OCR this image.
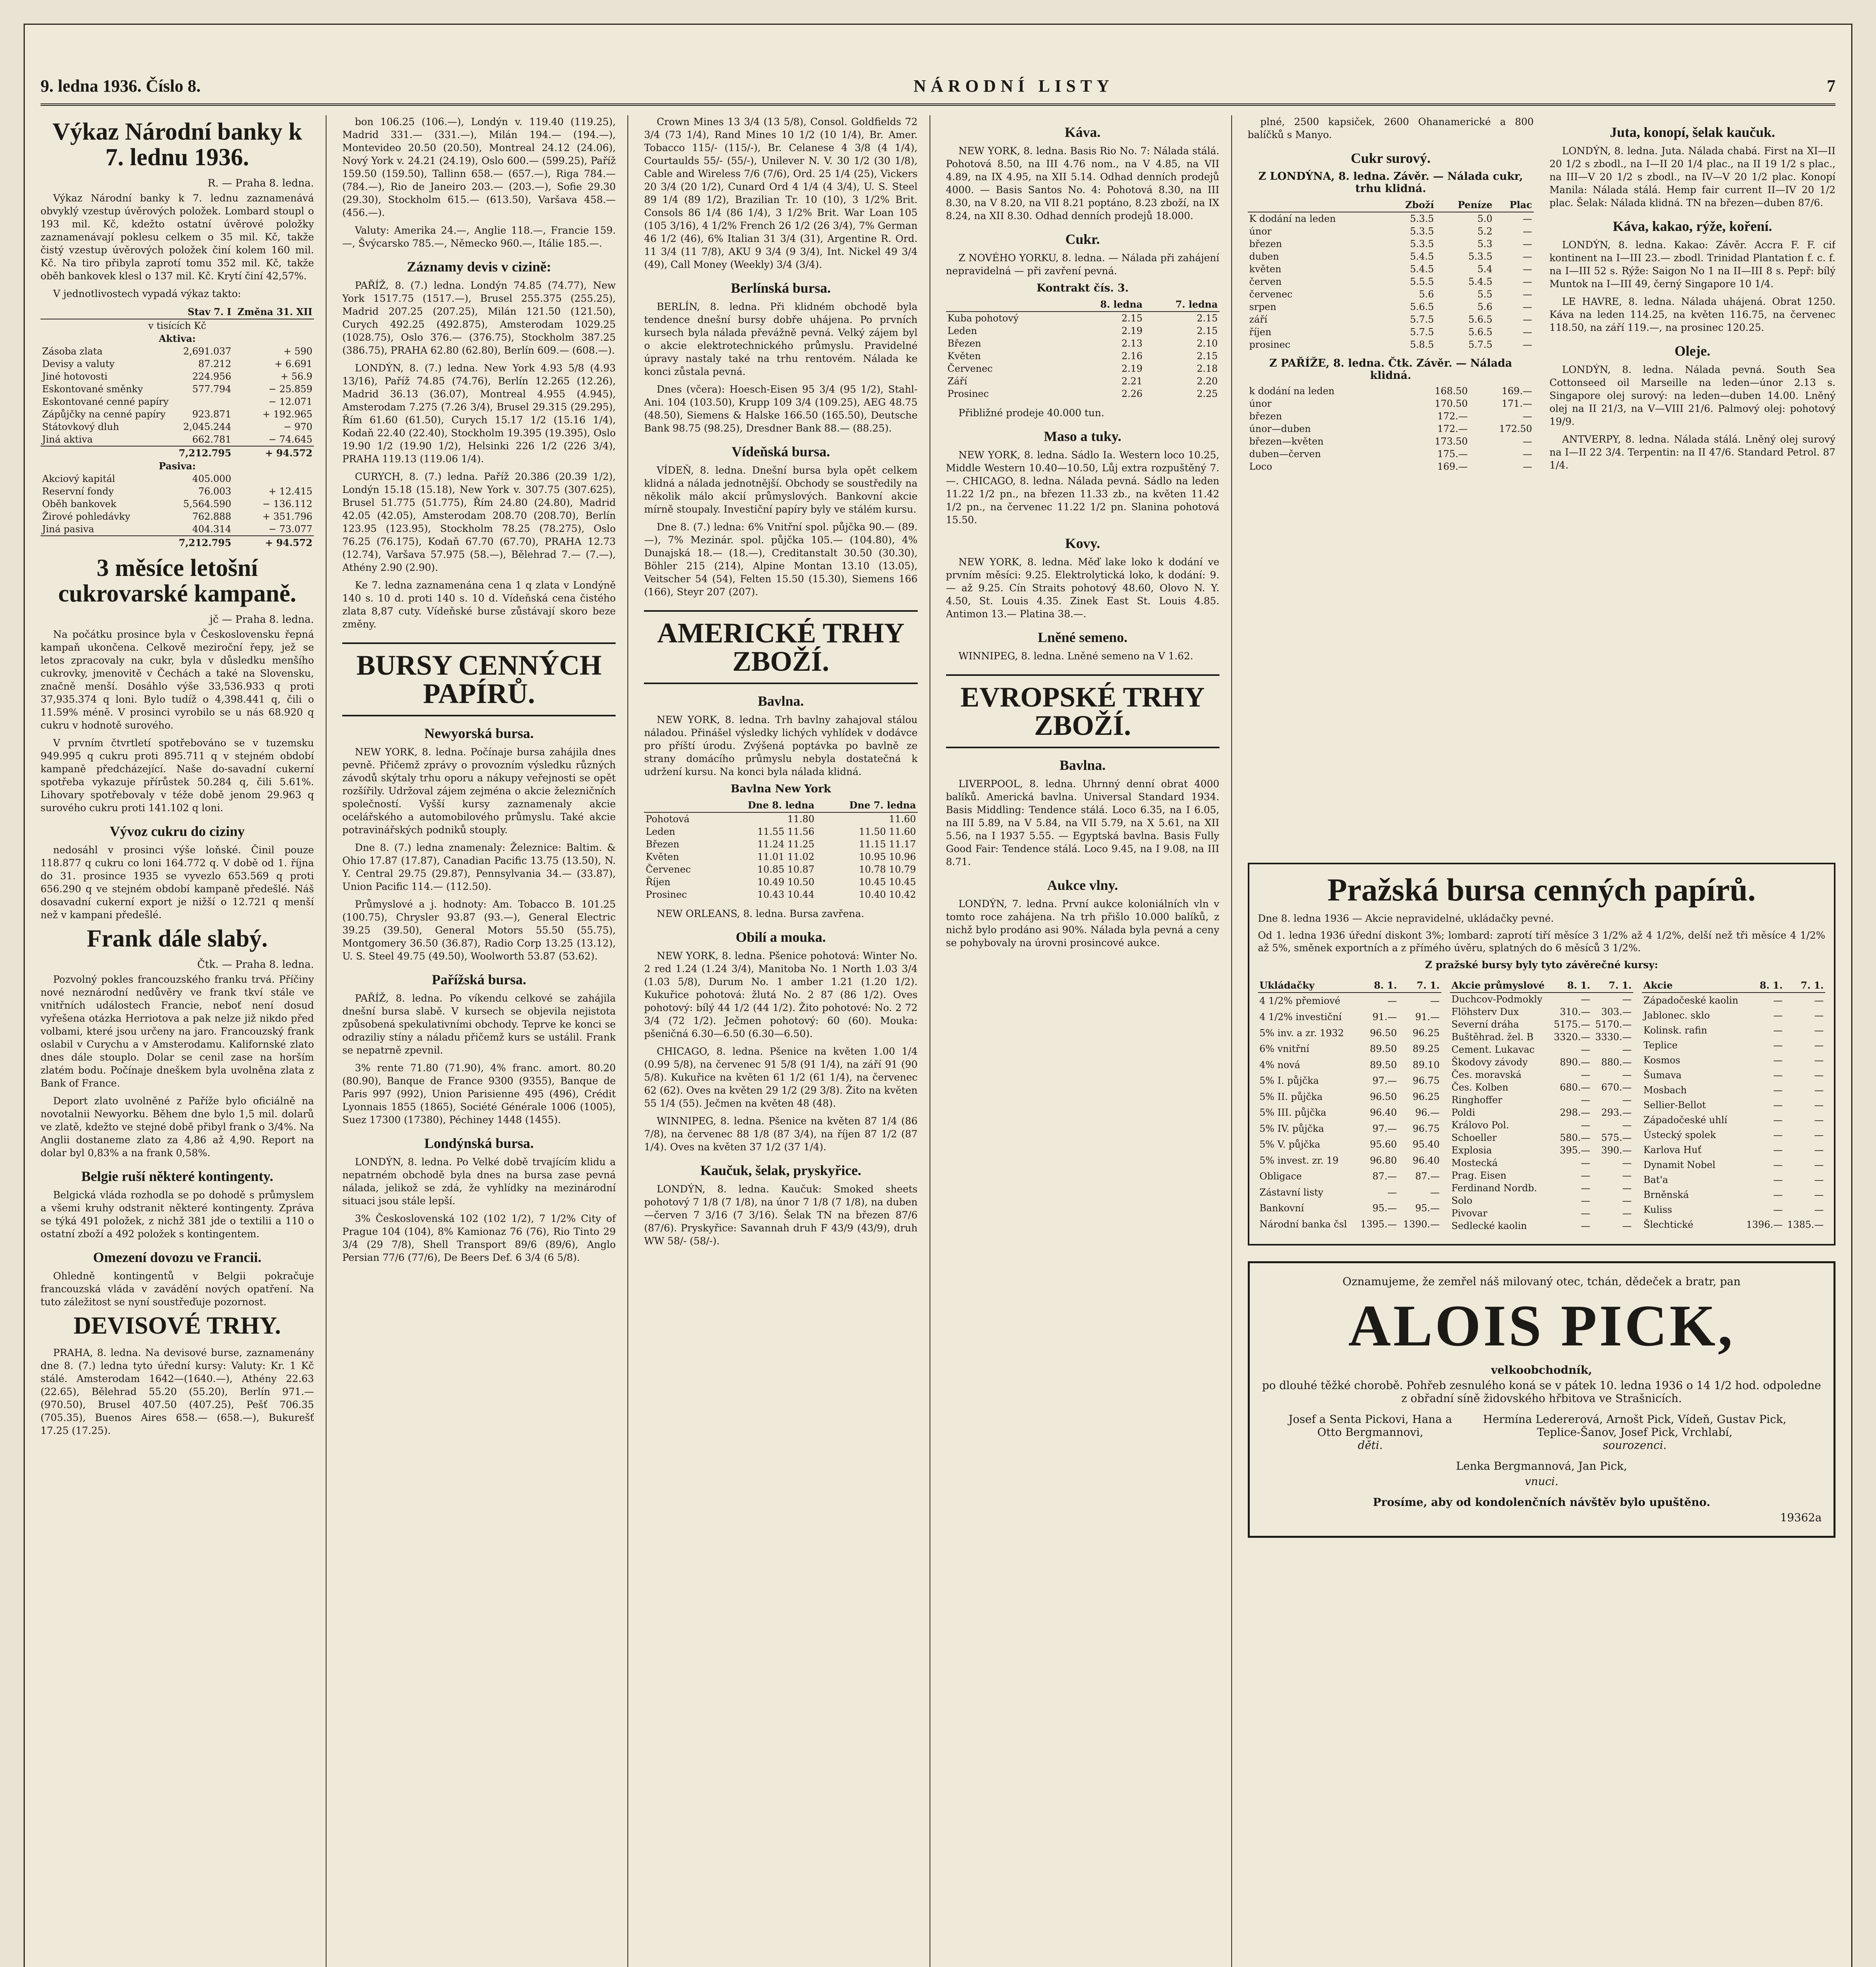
9. ledna 1936. Číslo 8.	NÁRODNÍ LISTY	7
Výkaz Národní banky k 7. lednu 1936.
R. — Praha 8. ledna.

Výkaz Národní banky k 7. lednu zaznamenává obvyklý vzestup úvěrových položek. Lombard stoupl o 193 mil. Kč, kdežto ostatní úvěrové položky zaznamenávají poklesu celkem o 35 mil. Kč, takže čistý vzestup úvěrových položek činí kolem 160 mil. Kč. Na tiro přibyla zaprotí tomu 352 mil. Kč, takže oběh bankovek klesl o 137 mil. Kč. Krytí činí 42,57%.

V jednotlivostech vypadá výkaz takto:

	Stav 7. I	Změna 31. XII
v tisících Kč		
Aktiva:		
Zásoba zlata	2,691.037	+ 590
Devisy a valuty	87.212	+ 6.691
Jiné hotovosti	224.956	+ 56.9
Eskontované směnky	577.794	− 25.859
Eskontované cenné papíry		− 12.071
Zápůjčky na cenné papíry	923.871	+ 192.965
Státovkový dluh	2,045.244	− 970
Jiná aktiva	662.781	− 74.645
	7,212.795	+ 94.572
Pasiva:		
Akciový kapitál	405.000	
Reservní fondy	76.003	+ 12.415
Oběh bankovek	5,564.590	− 136.112
Žirové pohledávky	762.888	+ 351.796
Jiná pasiva	404.314	− 73.077
	7,212.795	+ 94.572
3 měsíce letošní cukrovarské kampaně.
jč — Praha 8. ledna.

Na počátku prosince byla v Československu řepná kampaň ukončena. Celkově meziroční řepy, jež se letos zpracovaly na cukr, byla v důsledku menšího cukrovky, jmenovitě v Čechách a také na Slovensku, značně menší. Dosáhlo výše 33,536.933 q proti 37,935.374 q loni. Bylo tudíž o 4,398.441 q, čili o 11.59% méně. V prosinci vyrobilo se u nás 68.920 q cukru v hodnotě surového.

V prvním čtvrtletí spotřebováno se v tuzemsku 949.995 q cukru proti 895.711 q v stejném období kampaně předcházející. Naše do-savadní cukerní spotřeba vykazuje přírůstek 50.284 q, čili 5.61%. Lihovary spotřebovaly v téže době jenom 29.963 q surového cukru proti 141.102 q loni.

Vývoz cukru do ciziny

nedosáhl v prosinci výše loňské. Činil pouze 118.877 q cukru co loni 164.772 q. V době od 1. října do 31. prosince 1935 se vyvezlo 653.569 q proti 656.290 q ve stejném období kampaně předešlé. Náš dosavadní cukerní export je nižší o 12.721 q menší než v kampani předešlé.

Frank dále slabý.
Čtk. — Praha 8. ledna.

Pozvolný pokles francouzského franku trvá. Příčiny nové neznárodní nedůvěry ve frank tkví stále ve vnitřních událostech Francie, neboť není dosud vyřešena otázka Herriotova a pak nelze již nikdo před volbami, které jsou určeny na jaro. Francouzský frank oslabil v Curychu a v Amsterodamu. Kalifornské zlato dnes dále stouplo. Dolar se cenil zase na horším zlatém bodu. Počínaje dneškem byla uvolněna zlata z Bank of France.

Deport zlato uvolněné z Paříže bylo oficiálně na novotalnii Newyorku. Během dne bylo 1,5 mil. dolarů ve zlatě, kdežto ve stejné době přibyl frank o 3/4%. Na Anglii dostaneme zlato za 4,86 až 4,90. Report na dolar byl 0,83% a na frank 0,58%.

Belgie ruší některé kontingenty.

Belgická vláda rozhodla se po dohodě s průmyslem a všemi kruhy odstranit některé kontingenty. Zpráva se týká 491 položek, z nichž 381 jde o textilii a 110 o ostatní zboží a 492 položek s kontingentem.

Omezení dovozu ve Francii.

Ohledně kontingentů v Belgii pokračuje francouzská vláda v zavádění nových opatření. Na tuto záležitost se nyní soustřeďuje pozornost.

DEVISOVÉ TRHY.

PRAHA, 8. ledna. Na devisové burse, zaznamenány dne 8. (7.) ledna tyto úřední kursy: Valuty: Kr. 1 Kč stálé. Amsterodam 1642—(1640.—), Athény 22.63 (22.65), Bělehrad 55.20 (55.20), Berlín 971.— (970.50), Brusel 407.50 (407.25), Pešť 706.35 (705.35), Buenos Aires 658.— (658.—), Bukurešť 17.25 (17.25).

bon 106.25 (106.—), Londýn v. 119.40 (119.25), Madrid 331.— (331.—), Milán 194.— (194.—), Montevideo 20.50 (20.50), Montreal 24.12 (24.06), Nový York v. 24.21 (24.19), Oslo 600.— (599.25), Paříž 159.50 (159.50), Tallinn 658.— (657.—), Riga 784.— (784.—), Rio de Janeiro 203.— (203.—), Sofie 29.30 (29.30), Stockholm 615.— (613.50), Varšava 458.— (456.—).

Valuty: Amerika 24.—, Anglie 118.—, Francie 159.—, Švýcarsko 785.—, Německo 960.—, Itálie 185.—.

Záznamy devis v cizině:

PAŘÍŽ, 8. (7.) ledna. Londýn 74.85 (74.77), New York 1517.75 (1517.—), Brusel 255.375 (255.25), Madrid 207.25 (207.25), Milán 121.50 (121.50), Curych 492.25 (492.875), Amsterodam 1029.25 (1028.75), Oslo 376.— (376.75), Stockholm 387.25 (386.75), PRAHA 62.80 (62.80), Berlín 609.— (608.—).

LONDÝN, 8. (7.) ledna. New York 4.93 5/8 (4.93 13/16), Paříž 74.85 (74.76), Berlín 12.265 (12.26), Madrid 36.13 (36.07), Montreal 4.955 (4.945), Amsterodam 7.275 (7.26 3/4), Brusel 29.315 (29.295), Řím 61.60 (61.50), Curych 15.17 1/2 (15.16 1/4), Kodaň 22.40 (22.40), Stockholm 19.395 (19.395), Oslo 19.90 1/2 (19.90 1/2), Helsinki 226 1/2 (226 3/4), PRAHA 119.13 (119.06 1/4).

CURYCH, 8. (7.) ledna. Paříž 20.386 (20.39 1/2), Londýn 15.18 (15.18), New York v. 307.75 (307.625), Brusel 51.775 (51.775), Řím 24.80 (24.80), Madrid 42.05 (42.05), Amsterodam 208.70 (208.70), Berlín 123.95 (123.95), Stockholm 78.25 (78.275), Oslo 76.25 (76.175), Kodaň 67.70 (67.70), PRAHA 12.73 (12.74), Varšava 57.975 (58.—), Bělehrad 7.— (7.—), Athény 2.90 (2.90).

Ke 7. ledna zaznamenána cena 1 q zlata v Londýně 140 s. 10 d. proti 140 s. 10 d. Vídeňská cena čistého zlata 8,87 cuty. Vídeňské burse zůstávají skoro beze změny.

BURSY CENNÝCH PAPÍRŮ.
Newyorská bursa.

NEW YORK, 8. ledna. Počínaje bursa zahájila dnes pevně. Přičemž zprávy o provozním výsledku různých závodů skýtaly trhu oporu a nákupy veřejnosti se opět rozšířily. Udržoval zájem zejména o akcie železničních společností. Vyšší kursy zaznamenaly akcie ocelářského a automobilového průmyslu. Také akcie potravinářských podniků stouply.

Dne 8. (7.) ledna znamenaly: Železnice: Baltim. & Ohio 17.87 (17.87), Canadian Pacific 13.75 (13.50), N. Y. Central 29.75 (29.87), Pennsylvania 34.— (33.87), Union Pacific 114.— (112.50).

Průmyslové a j. hodnoty: Am. Tobacco B. 101.25 (100.75), Chrysler 93.87 (93.—), General Electric 39.25 (39.50), General Motors 55.50 (55.75), Montgomery 36.50 (36.87), Radio Corp 13.25 (13.12), U. S. Steel 49.75 (49.50), Woolworth 53.87 (53.62).

Pařížská bursa.

PAŘÍŽ, 8. ledna. Po víkendu celkové se zahájila dnešní bursa slabě. V kursech se objevila nejistota způsobená spekulativními obchody. Teprve ke konci se odraziliy stíny a náladu přičemž kurs se ustálil. Frank se nepatrně zpevnil.

3% rente 71.80 (71.90), 4% franc. amort. 80.20 (80.90), Banque de France 9300 (9355), Banque de Paris 997 (992), Union Parisienne 495 (496), Crédit Lyonnais 1855 (1865), Société Générale 1006 (1005), Suez 17300 (17380), Péchiney 1448 (1455).

Londýnská bursa.

LONDÝN, 8. ledna. Po Velké době trvajícím klidu a nepatrném obchodě byla dnes na bursa zase pevná nálada, jelikož se zdá, že vyhlídky na mezinárodní situaci jsou stále lepší.

3% Československá 102 (102 1/2), 7 1/2% City of Prague 104 (104), 8% Kamionaz 76 (76), Rio Tinto 29 3/4 (29 7/8), Shell Transport 89/6 (89/6), Anglo Persian 77/6 (77/6), De Beers Def. 6 3/4 (6 5/8).

Crown Mines 13 3/4 (13 5/8), Consol. Goldfields 72 3/4 (73 1/4), Rand Mines 10 1/2 (10 1/4), Br. Amer. Tobacco 115/- (115/-), Br. Celanese 4 3/8 (4 1/4), Courtaulds 55/- (55/-), Unilever N. V. 30 1/2 (30 1/8), Cable and Wireless 7/6 (7/6), Ord. 25 1/4 (25), Vickers 20 3/4 (20 1/2), Cunard Ord 4 1/4 (4 3/4), U. S. Steel 89 1/4 (89 1/2), Brazilian Tr. 10 (10), 3 1/2% Brit. Consols 86 1/4 (86 1/4), 3 1/2% Brit. War Loan 105 (105 3/16), 4 1/2% French 26 1/2 (26 3/4), 7% German 46 1/2 (46), 6% Italian 31 3/4 (31), Argentine R. Ord. 11 3/4 (11 7/8), AKU 9 3/4 (9 3/4), Int. Nickel 49 3/4 (49), Call Money (Weekly) 3/4 (3/4).

Berlínská bursa.

BERLÍN, 8. ledna. Při klidném obchodě byla tendence dnešní bursy dobře uhájena. Po prvních kursech byla nálada převážně pevná. Velký zájem byl o akcie elektrotechnického průmyslu. Pravidelné úpravy nastaly také na trhu rentovém. Nálada ke konci zůstala pevná.

Dnes (včera): Hoesch-Eisen 95 3/4 (95 1/2), Stahl-Ani. 104 (103.50), Krupp 109 3/4 (109.25), AEG 48.75 (48.50), Siemens & Halske 166.50 (165.50), Deutsche Bank 98.75 (98.25), Dresdner Bank 88.— (88.25).

Vídeňská bursa.

VÍDEŇ, 8. ledna. Dnešní bursa byla opět celkem klidná a nálada jednotnější. Obchody se soustředily na několik málo akcií průmyslových. Bankovní akcie mírně stoupaly. Investiční papíry byly ve stálém kursu.

Dne 8. (7.) ledna: 6% Vnitřní spol. půjčka 90.— (89.—), 7% Mezinár. spol. půjčka 105.— (104.80), 4% Dunajská 18.— (18.—), Creditanstalt 30.50 (30.30), Böhler 215 (214), Alpine Montan 13.10 (13.05), Veitscher 54 (54), Felten 15.50 (15.30), Siemens 166 (166), Steyr 207 (207).

AMERICKÉ TRHY ZBOŽÍ.
Bavlna.

NEW YORK, 8. ledna. Trh bavlny zahajoval stálou náladou. Přinášel výsledky lichých vyhlídek v dodávce pro příští úrodu. Zvýšená poptávka po bavlně ze strany domácího průmyslu nebyla dostatečná k udržení kursu. Na konci byla nálada klidná.

Bavlna New York
	Dne 8. ledna	Dne 7. ledna
Pohotová	11.80	11.60
Leden	11.55 11.56	11.50 11.60
Březen	11.24 11.25	11.15 11.17
Květen	11.01 11.02	10.95 10.96
Červenec	10.85 10.87	10.78 10.79
Říjen	10.49 10.50	10.45 10.45
Prosinec	10.43 10.44	10.40 10.42

NEW ORLEANS, 8. ledna. Bursa zavřena.

Obilí a mouka.

NEW YORK, 8. ledna. Pšenice pohotová: Winter No. 2 red 1.24 (1.24 3/4), Manitoba No. 1 North 1.03 3/4 (1.03 5/8), Durum No. 1 amber 1.21 (1.20 1/2). Kukuřice pohotová: žlutá No. 2 87 (86 1/2). Oves pohotový: bílý 44 1/2 (44 1/2). Žito pohotové: No. 2 72 3/4 (72 1/2). Ječmen pohotový: 60 (60). Mouka: pšeničná 6.30—6.50 (6.30—6.50).

CHICAGO, 8. ledna. Pšenice na květen 1.00 1/4 (0.99 5/8), na červenec 91 5/8 (91 1/4), na září 91 (90 5/8). Kukuřice na květen 61 1/2 (61 1/4), na červenec 62 (62). Oves na květen 29 1/2 (29 3/8). Žito na květen 55 1/4 (55). Ječmen na květen 48 (48).

WINNIPEG, 8. ledna. Pšenice na květen 87 1/4 (86 7/8), na červenec 88 1/8 (87 3/4), na říjen 87 1/2 (87 1/4). Oves na květen 37 1/2 (37 1/4).

Kaučuk, šelak, pryskyřice.

LONDÝN, 8. ledna. Kaučuk: Smoked sheets pohotový 7 1/8 (7 1/8), na únor 7 1/8 (7 1/8), na duben—červen 7 3/16 (7 3/16). Šelak TN na březen 87/6 (87/6). Pryskyřice: Savannah druh F 43/9 (43/9), druh WW 58/- (58/-).

Káva.

NEW YORK, 8. ledna. Basis Rio No. 7: Nálada stálá. Pohotová 8.50, na III 4.76 nom., na V 4.85, na VII 4.89, na IX 4.95, na XII 5.14. Odhad denních prodejů 4000. — Basis Santos No. 4: Pohotová 8.30, na III 8.30, na V 8.20, na VII 8.21 poptáno, 8.23 zboží, na IX 8.24, na XII 8.30. Odhad denních prodejů 18.000.

Cukr.

Z NOVÉHO YORKU, 8. ledna. — Nálada při zahájení nepravidelná — při zavření pevná.

Kontrakt čís. 3.
	8. ledna	7. ledna
Kuba pohotový	2.15	2.15
Leden	2.19	2.15
Březen	2.13	2.10
Květen	2.16	2.15
Červenec	2.19	2.18
Září	2.21	2.20
Prosinec	2.26	2.25

Přibližné prodeje 40.000 tun.

Maso a tuky.

NEW YORK, 8. ledna. Sádlo Ia. Western loco 10.25, Middle Western 10.40—10.50, Lůj extra rozpuštěný 7.—. CHICAGO, 8. ledna. Nálada pevná. Sádlo na leden 11.22 1/2 pn., na březen 11.33 zb., na květen 11.42 1/2 pn., na červenec 11.22 1/2 pn. Slanina pohotová 15.50.

Kovy.

NEW YORK, 8. ledna. Měď lake loko k dodání ve prvním měsíci: 9.25. Elektrolytická loko, k dodání: 9.— až 9.25. Cín Straits pohotový 48.60, Olovo N. Y. 4.50, St. Louis 4.35. Zinek East St. Louis 4.85. Antimon 13.— Platina 38.—.

Lněné semeno.

WINNIPEG, 8. ledna. Lněné semeno na V 1.62.

EVROPSKÉ TRHY ZBOŽÍ.
Bavlna.

LIVERPOOL, 8. ledna. Uhrnný denní obrat 4000 balíků. Americká bavlna. Universal Standard 1934. Basis Middling: Tendence stálá. Loco 6.35, na I 6.05, na III 5.89, na V 5.84, na VII 5.79, na X 5.61, na XII 5.56, na I 1937 5.55. — Egyptská bavlna. Basis Fully Good Fair: Tendence stálá. Loco 9.45, na I 9.08, na III 8.71.

Aukce vlny.

LONDÝN, 7. ledna. První aukce koloniálních vln v tomto roce zahájena. Na trh přišlo 10.000 balíků, z nichž bylo prodáno asi 90%. Nálada byla pevná a ceny se pohybovaly na úrovni prosincové aukce.

plné, 2500 kapsiček, 2600 Ohanamerické a 800 balíčků s Manyo.

Cukr surový.
Z LONDÝNA, 8. ledna. Závěr. — Nálada cukr, trhu klidná.
	Zboží	Peníze	Plac
K dodání na leden	5.3.5	5.0	—
únor	5.3.5	5.2	—
březen	5.3.5	5.3	—
duben	5.4.5	5.3.5	—
květen	5.4.5	5.4	—
červen	5.5.5	5.4.5	—
červenec	5.6	5.5	—
srpen	5.6.5	5.6	—
září	5.7.5	5.6.5	—
říjen	5.7.5	5.6.5	—
prosinec	5.8.5	5.7.5	—
Z PAŘÍŽE, 8. ledna. Čtk. Závěr. — Nálada klidná.
k dodání na leden	168.50	169.—
únor	170.50	171.—
březen	172.—	—
únor—duben	172.—	172.50
březen—květen	173.50	—
duben—červen	175.—	—
Loco	169.—	—
Juta, konopí, šelak kaučuk.

LONDÝN, 8. ledna. Juta. Nálada chabá. First na XI—II 20 1/2 s zbodl., na I—II 20 1/4 plac., na II 19 1/2 s plac., na III—V 20 1/2 s zbodl., na IV—V 20 1/2 plac. Konopí Manila: Nálada stálá. Hemp fair current II—IV 20 1/2 plac. Šelak: Nálada klidná. TN na březen—duben 87/6.

Káva, kakao, rýže, koření.

LONDÝN, 8. ledna. Kakao: Závěr. Accra F. F. cif kontinent na I—III 23.— zbodl. Trinidad Plantation f. c. f. na I—III 52 s. Rýže: Saigon No 1 na II—III 8 s. Pepř: bílý Muntok na I—III 49, černý Singapore 10 1/4.

LE HAVRE, 8. ledna. Nálada uhájená. Obrat 1250. Káva na leden 114.25, na květen 116.75, na červenec 118.50, na září 119.—, na prosinec 120.25.

Oleje.

LONDÝN, 8. ledna. Nálada pevná. South Sea Cottonseed oil Marseille na leden—únor 2.13 s. Singapore olej surový: na leden—duben 14.00. Lněný olej na II 21/3, na V—VIII 21/6. Palmový olej: pohotový 19/9.

ANTVERPY, 8. ledna. Nálada stálá. Lněný olej surový na I—II 22 3/4. Terpentin: na II 47/6. Standard Petrol. 87 1/4.

Pražská bursa cenných papírů.

Dne 8. ledna 1936 — Akcie nepravidelné, ukládačky pevné.

Od 1. ledna 1936 úřední diskont 3%; lombard: zaprotí tiří měsíce 3 1/2% až 4 1/2%, delší než tři měsíce 4 1/2% až 5%, směnek exportních a z přímého úvěru, splatných do 6 měsíců 3 1/2%.

Z pražské bursy byly tyto závěrečné kursy:

Ukládačky	8. 1.	7. 1.
4 1/2% přemiové	—	—
4 1/2% investiční	91.—	91.—
5% inv. a zr. 1932	96.50	96.25
6% vnitřní	89.50	89.25
4% nová	89.50	89.10
5% I. půjčka	97.—	96.75
5% II. půjčka	96.50	96.25
5% III. půjčka	96.40	96.—
5% IV. půjčka	97.—	96.75
5% V. půjčka	95.60	95.40
5% invest. zr. 19	96.80	96.40
Obligace	87.—	87.—
Zástavní listy	—	—
Bankovní	95.—	95.—
Národní banka čsl	1395.—	1390.—
Akcie průmyslové	8. 1.	7. 1.
Duchcov-Podmokly	—	—
Flöhsterv Dux	310.—	303.—
Severní dráha	5175.—	5170.—
Buštěhrad. žel. B	3320.—	3330.—
Cement. Lukavac	—	—
Škodovy závody	890.—	880.—
Čes. moravská	—	—
Čes. Kolben	680.—	670.—
Ringhoffer	—	—
Poldi	298.—	293.—
Královo Pol.	—	—
Schoeller	580.—	575.—
Explosia	395.—	390.—
Mostecká	—	—
Prag. Eisen	—	—
Ferdinand Nordb.	—	—
Solo	—	—
Pivovar	—	—
Sedlecké kaolin	—	—
Akcie	8. 1.	7. 1.
Západočeské kaolin	—	—
Jablonec. sklo	—	—
Kolinsk. rafin	—	—
Teplice	—	—
Kosmos	—	—
Šumava	—	—
Mosbach	—	—
Sellier-Bellot	—	—
Západočeské uhlí	—	—
Ústecký spolek	—	—
Karlova Huť	—	—
Dynamit Nobel	—	—
Bat'a	—	—
Brněnská	—	—
Kuliss	—	—
Šlechtické	1396.—	1385.—
Oznamujeme, že zemřel náš milovaný otec, tchán, dědeček a bratr, pan
ALOIS PICK,
velkoobchodník,
po dlouhé těžké chorobě. Pohřeb zesnulého koná se v pátek 10. ledna 1936 o 14 1/2 hod. odpoledne z obřadní síně židovského hřbitova ve Strašnicích.
Josef a Senta Pickovi, Hana a Otto Bergmannovi,
děti.
Hermína Ledererová, Arnošt Pick, Vídeň, Gustav Pick, Teplice-Šanov, Josef Pick, Vrchlabí,
sourozenci.
Lenka Bergmannová, Jan Pick,
vnuci.
Prosíme, aby od kondolenčních návštěv bylo upuštěno.
19362a
